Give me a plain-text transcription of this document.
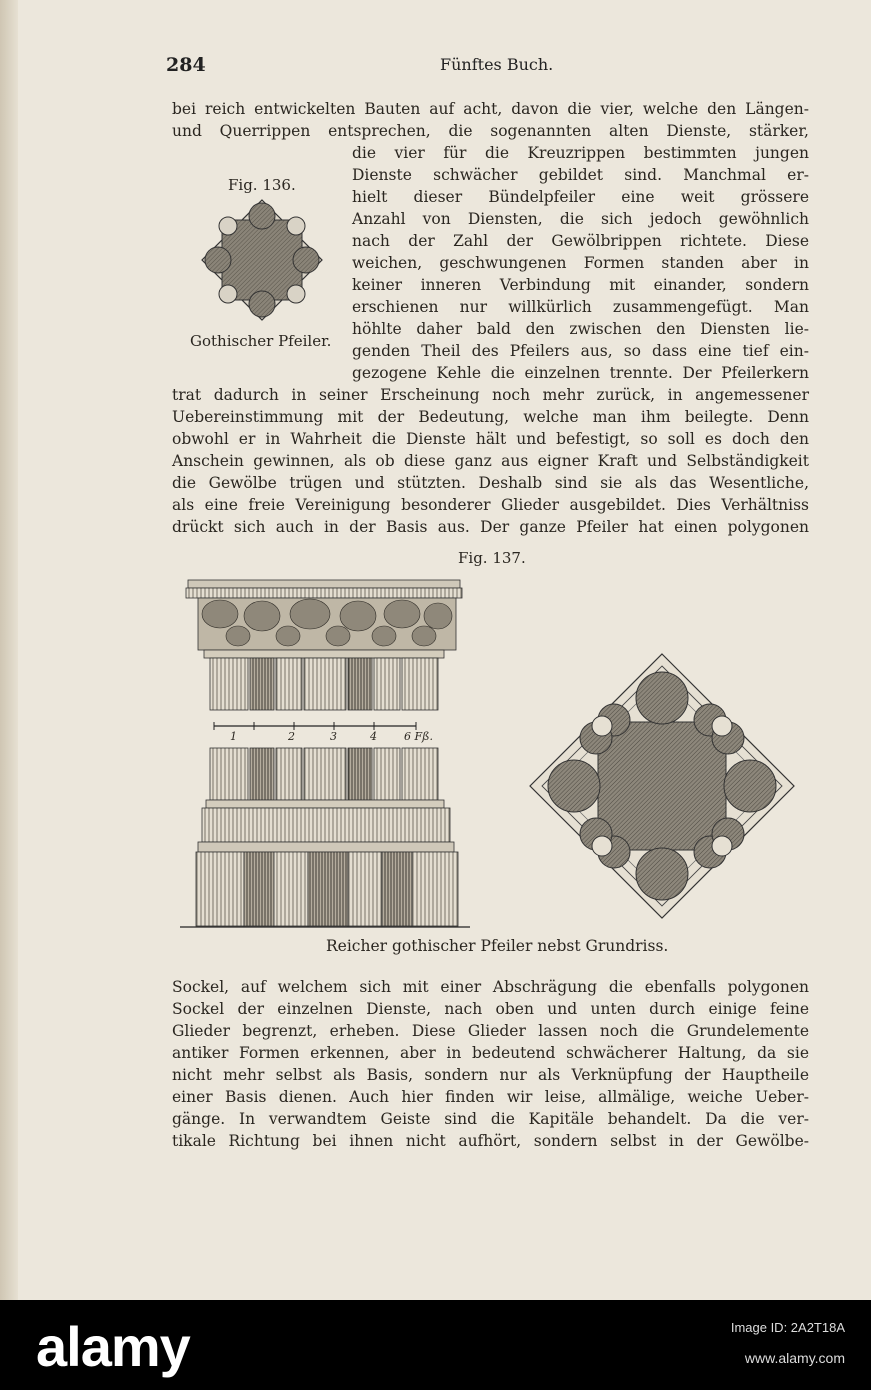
284	Fünftes Buch.
bei reich entwickelten Bauten auf acht, davon die vier, welche den Längen-
und Querrippen entsprechen, die sogenannten alten Dienste, stärker,
die vier für die Kreuzrippen bestimmten jungen
Dienste schwächer gebildet sind. Manchmal er-
hielt dieser Bündelpfeiler eine weit grössere
Anzahl von Diensten, die sich jedoch gewöhnlich
nach der Zahl der Gewölbrippen richtete. Diese
weichen, geschwungenen Formen standen aber in
keiner inneren Verbindung mit einander, sondern
erschienen nur willkürlich zusammengefügt. Man
höhlte daher bald den zwischen den Diensten lie-
genden Theil des Pfeilers aus, so dass eine tief ein-
gezogene Kehle die einzelnen trennte. Der Pfeilerkern
trat dadurch in seiner Erscheinung noch mehr zurück, in angemessener
Uebereinstimmung mit der Bedeutung, welche man ihm beilegte. Denn
obwohl er in Wahrheit die Dienste hält und befestigt, so soll es doch den
Anschein gewinnen, als ob diese ganz aus eigner Kraft und Selbständigkeit
die Gewölbe trügen und stützten. Deshalb sind sie als das Wesentliche,
als eine freie Vereinigung besonderer Glieder ausgebildet. Dies Verhältniss
drückt sich auch in der Basis aus. Der ganze Pfeiler hat einen polygonen
Fig. 136.
Gothischer Pfeiler.
Fig. 137.
1	2	3	4 6 Fß.
Reicher gothischer Pfeiler nebst Grundriss.
Sockel, auf welchem sich mit einer Abschrägung die ebenfalls polygonen
Sockel der einzelnen Dienste, nach oben und unten durch einige feine
Glieder begrenzt, erheben. Diese Glieder lassen noch die Grundelemente
antiker Formen erkennen, aber in bedeutend schwächerer Haltung, da sie
nicht mehr selbst als Basis, sondern nur als Verknüpfung der Hauptheile
einer Basis dienen. Auch hier finden wir leise, allmälige, weiche Ueber-
gänge. In verwandtem Geiste sind die Kapitäle behandelt. Da die ver-
tikale Richtung bei ihnen nicht aufhört, sondern selbst in der Gewölbe-
alamy	Image ID: 2A2T18A
www.alamy.com
